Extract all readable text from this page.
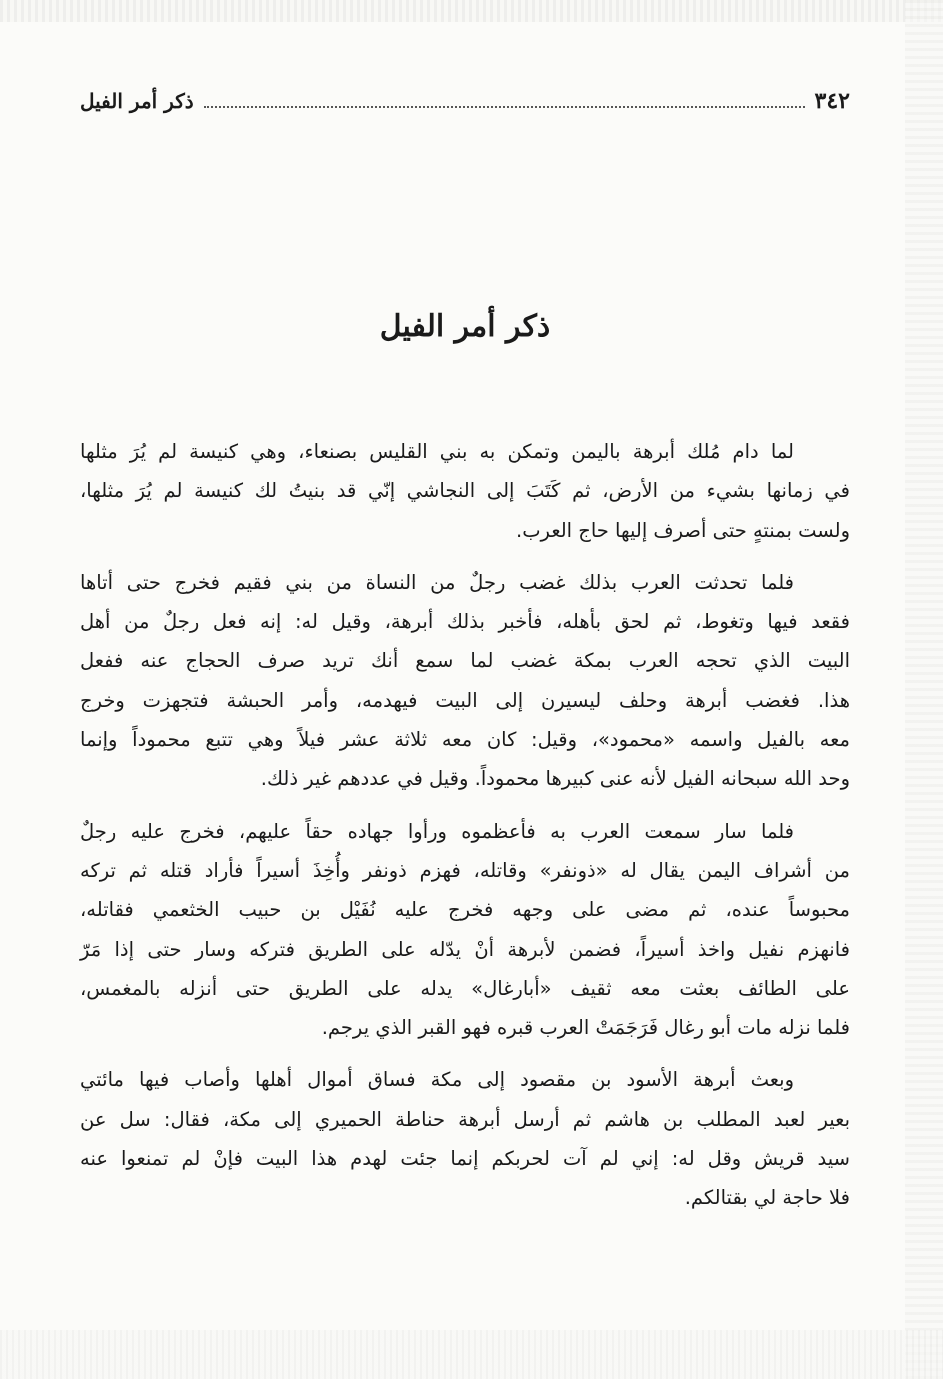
٣٤٢
ذكر أمر الفيل
ذكر أمر الفيل

لما دام مُلك أبرهة باليمن وتمكن به بني القليس بصنعاء، وهي كنيسة لم يُرَ مثلها
في زمانها بشيء من الأرض، ثم كَتَبَ إلى النجاشي إنّي قد بنيتُ لك كنيسة لم يُرَ مثلها،
ولست بمنتهٍ حتى أصرف إليها حاج العرب.

فلما تحدثت العرب بذلك غضب رجلٌ من النساة من بني فقيم فخرج حتى أتاها
فقعد فيها وتغوط، ثم لحق بأهله، فأخبر بذلك أبرهة، وقيل له: إنه فعل رجلٌ من أهل
البيت الذي تحجه العرب بمكة غضب لما سمع أنك تريد صرف الحجاج عنه ففعل
هذا. فغضب أبرهة وحلف ليسيرن إلى البيت فيهدمه، وأمر الحبشة فتجهزت وخرج
معه بالفيل واسمه «محمود»، وقيل: كان معه ثلاثة عشر فيلاً وهي تتبع محموداً وإنما
وحد الله سبحانه الفيل لأنه عنى كبيرها محموداً. وقيل في عددهم غير ذلك.

فلما سار سمعت العرب به فأعظموه ورأوا جهاده حقاً عليهم، فخرج عليه رجلٌ
من أشراف اليمن يقال له «ذونفر» وقاتله، فهزم ذونفر وأُخِذَ أسيراً فأراد قتله ثم تركه
محبوساً عنده، ثم مضى على وجهه فخرج عليه نُفَيْل بن حبيب الخثعمي فقاتله،
فانهزم نفيل واخذ أسيراً، فضمن لأبرهة أنْ يدّله على الطريق فتركه وسار حتى إذا مَرّ
على الطائف بعثت معه ثقيف «أبارغال» يدله على الطريق حتى أنزله بالمغمس،
فلما نزله مات أبو رغال فَرَجَمَتْ العرب قبره فهو القبر الذي يرجم.

وبعث أبرهة الأسود بن مقصود إلى مكة فساق أموال أهلها وأصاب فيها مائتي
بعير لعبد المطلب بن هاشم ثم أرسل أبرهة حناطة الحميري إلى مكة، فقال: سل عن
سيد قريش وقل له: إني لم آت لحربكم إنما جئت لهدم هذا البيت فإنْ لم تمنعوا عنه
فلا حاجة لي بقتالكم.
